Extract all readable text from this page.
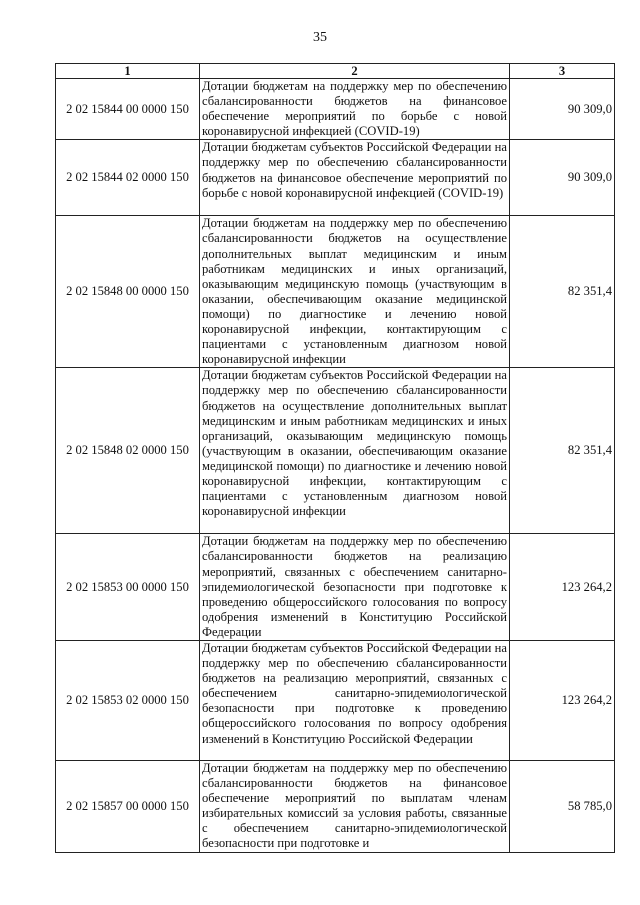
35
1	2	3
2 02 15844 00 0000 150	Дотации бюджетам на поддержку мер по обеспечению сбалансированности бюджетов на финансовое обеспечение мероприятий по борьбе с новой коронавирусной инфекцией (COVID-19)	90 309,0
2 02 15844 02 0000 150	Дотации бюджетам субъектов Российской Федерации на поддержку мер по обеспечению сбалансированности бюджетов на финансовое обеспечение мероприятий по борьбе с новой коронавирусной инфекцией (COVID-19)	90 309,0
2 02 15848 00 0000 150	Дотации бюджетам на поддержку мер по обеспечению сбалансированности бюджетов на осуществление дополнительных выплат медицинским и иным работникам медицинских и иных организаций, оказывающим медицинскую помощь (участвующим в оказании, обеспечивающим оказание медицинской помощи) по диагностике и лечению новой коронавирусной инфекции, контактирующим с пациентами с установленным диагнозом новой коронавирусной инфекции	82 351,4
2 02 15848 02 0000 150	Дотации бюджетам субъектов Российской Федерации на поддержку мер по обеспечению сбалансированности бюджетов на осуществление дополнительных выплат медицинским и иным работникам медицинских и иных организаций, оказывающим медицинскую помощь (участвующим в оказании, обеспечивающим оказание медицинской помощи) по диагностике и лечению новой коронавирусной инфекции, контактирующим с пациентами с установленным диагнозом новой коронавирусной инфекции	82 351,4
2 02 15853 00 0000 150	Дотации бюджетам на поддержку мер по обеспечению сбалансированности бюджетов на реализацию мероприятий, связанных с обеспечением санитарно-эпидемиологической безопасности при подготовке к проведению общероссийского голосования по вопросу одобрения изменений в Конституцию Российской Федерации	123 264,2
2 02 15853 02 0000 150	Дотации бюджетам субъектов Российской Федерации на поддержку мер по обеспечению сбалансированности бюджетов на реализацию мероприятий, связанных с обеспечением санитарно-эпидемиологической безопасности при подготовке к проведению общероссийского голосования по вопросу одобрения изменений в Конституцию Российской Федерации	123 264,2
2 02 15857 00 0000 150	Дотации бюджетам на поддержку мер по обеспечению сбалансированности бюджетов на финансовое обеспечение мероприятий по выплатам членам избирательных комиссий за условия работы, связанные с обеспечением санитарно-эпидемиологической безопасности при подготовке и	58 785,0
